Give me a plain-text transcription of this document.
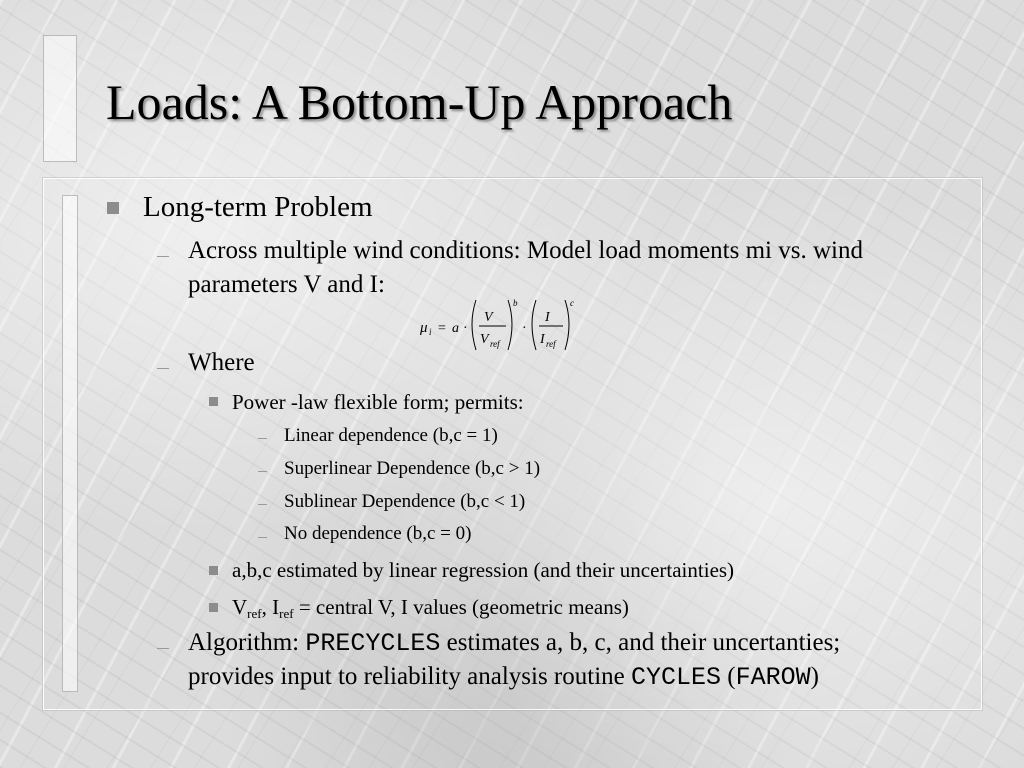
Loads: A Bottom-Up Approach
Long-term Problem
Across multiple wind conditions: Model load moments mi vs. wind
parameters V and I:
μ i = a ·
V
V ref
b
·
I
I ref
c
Where
Power -law flexible form; permits:
Linear dependence (b,c = 1)
Superlinear Dependence (b,c > 1)
Sublinear Dependence (b,c < 1)
No dependence (b,c = 0)
a,b,c estimated by linear regression (and their uncertainties)
$V_{ref}$, $I_{ref}$ = central V, I values (geometric means)
Algorithm: PRECYCLES estimates a, b, c, and their uncertanties;
provides input to reliability analysis routine CYCLES (FAROW)
